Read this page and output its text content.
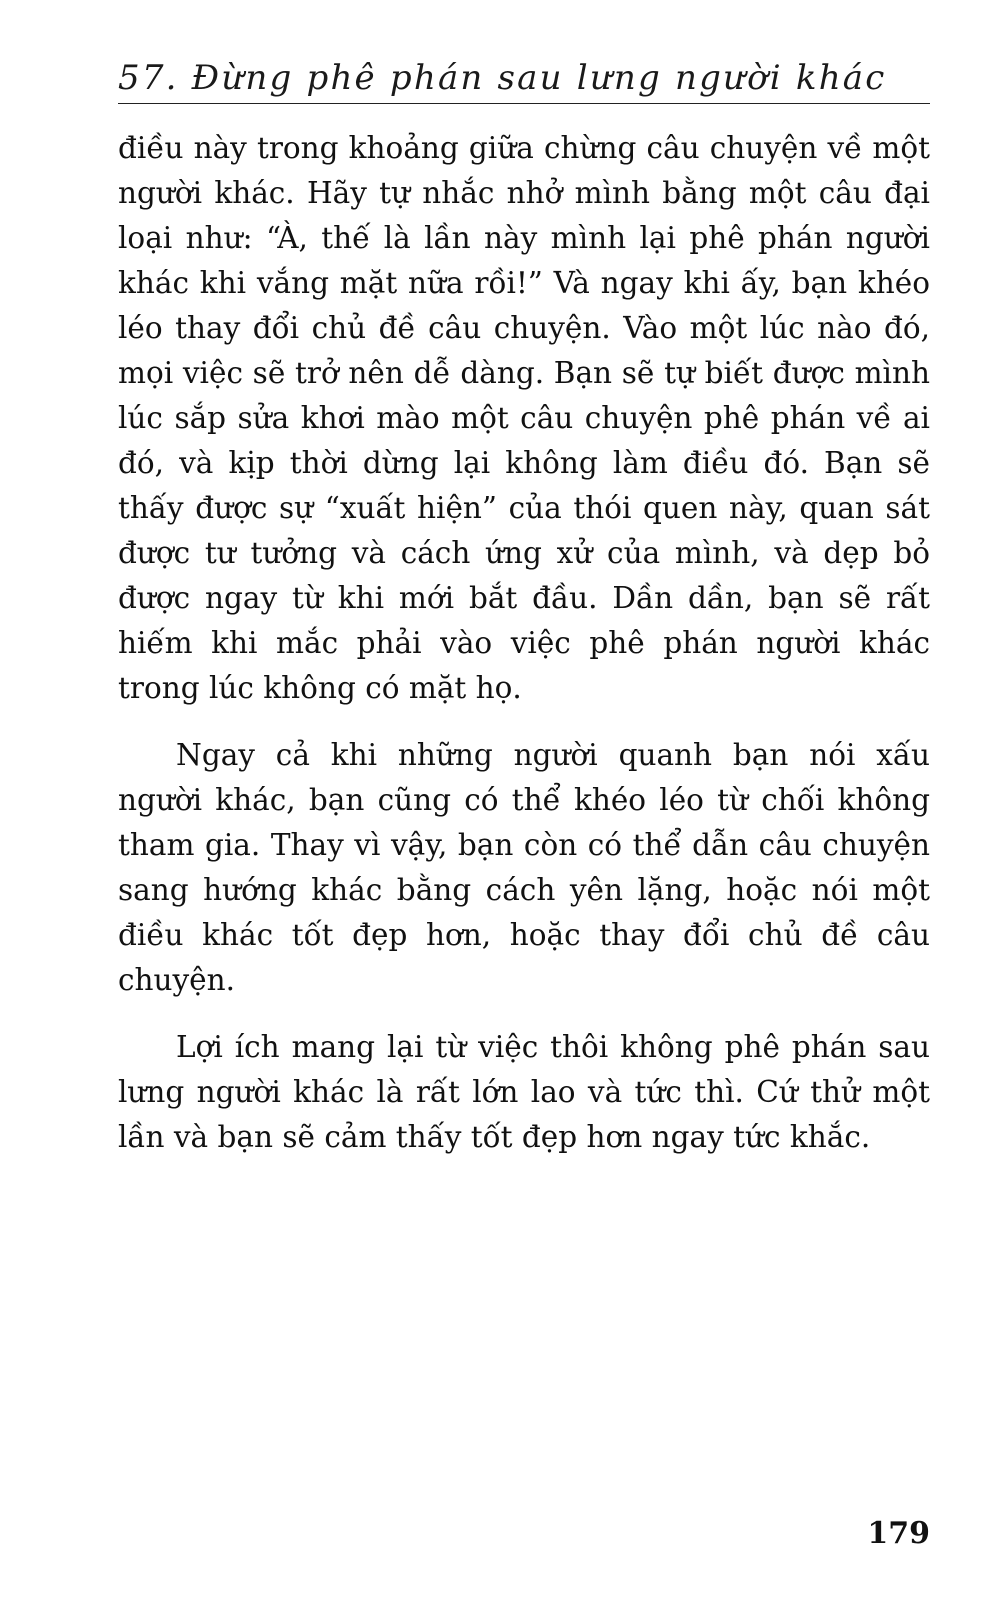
57. Đừng phê phán sau lưng người khác

điều này trong khoảng giữa chừng câu chuyện về một người khác. Hãy tự nhắc nhở mình bằng một câu đại loại như: “À, thế là lần này mình lại phê phán người khác khi vắng mặt nữa rồi!” Và ngay khi ấy, bạn khéo léo thay đổi chủ đề câu chuyện. Vào một lúc nào đó, mọi việc sẽ trở nên dễ dàng. Bạn sẽ tự biết được mình lúc sắp sửa khơi mào một câu chuyện phê phán về ai đó, và kịp thời dừng lại không làm điều đó. Bạn sẽ thấy được sự “xuất hiện” của thói quen này, quan sát được tư tưởng và cách ứng xử của mình, và dẹp bỏ được ngay từ khi mới bắt đầu. Dần dần, bạn sẽ rất hiếm khi mắc phải vào việc phê phán người khác trong lúc không có mặt họ.

Ngay cả khi những người quanh bạn nói xấu người khác, bạn cũng có thể khéo léo từ chối không tham gia. Thay vì vậy, bạn còn có thể dẫn câu chuyện sang hướng khác bằng cách yên lặng, hoặc nói một điều khác tốt đẹp hơn, hoặc thay đổi chủ đề câu chuyện.

Lợi ích mang lại từ việc thôi không phê phán sau lưng người khác là rất lớn lao và tức thì. Cứ thử một lần và bạn sẽ cảm thấy tốt đẹp hơn ngay tức khắc.

179
